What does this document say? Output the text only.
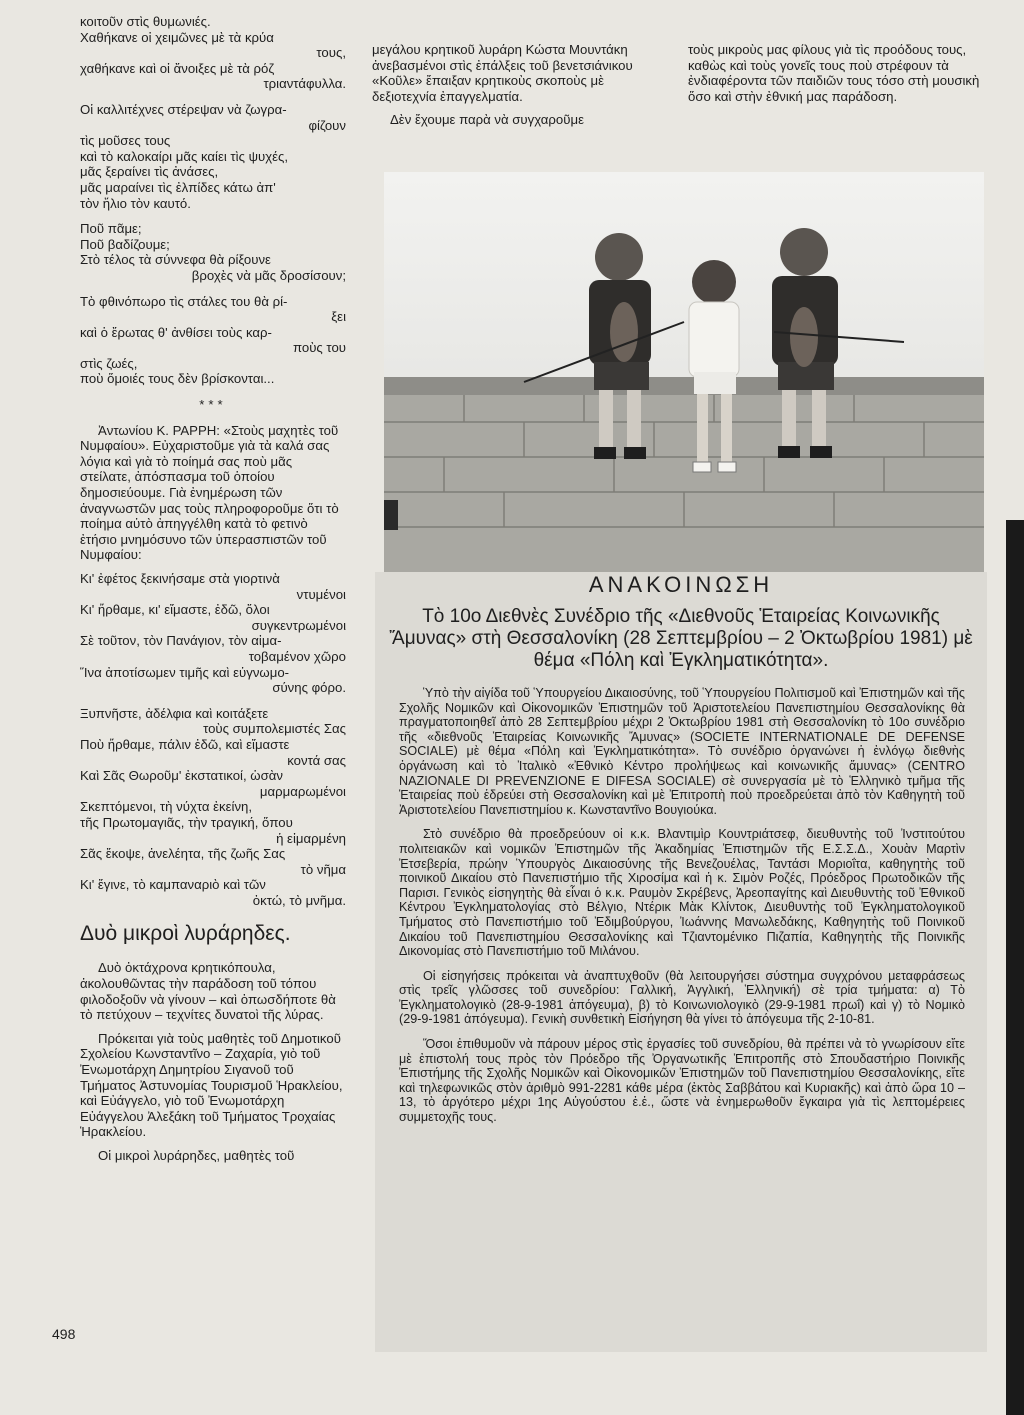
κοιτοῦν στὶς θυμωνιές.
Χαθήκανε οἱ χειμῶνες μὲ τὰ κρύα
τους,
χαθήκανε καὶ οἱ ἄνοιξες μὲ τὰ ρόζ
τριαντάφυλλα.
Οἱ καλλιτέχνες στέρεψαν νὰ ζωγρα-
φίζουν
τὶς μοῦσες τους
καὶ τὸ καλοκαίρι μᾶς καίει τὶς ψυχές,
μᾶς ξεραίνει τὶς ἀνάσες,
μᾶς μαραίνει τὶς ἐλπίδες κάτω ἀπ'
τὸν ἥλιο τὸν καυτό.
Ποῦ πᾶμε;
Ποῦ βαδίζουμε;
Στὸ τέλος τὰ σύννεφα θὰ ρίξουνε
βροχὲς νὰ μᾶς δροσίσουν;
Τὸ φθινόπωρο τὶς στάλες του θὰ ρί-
ξει
καὶ ὁ ἔρωτας θ' ἀνθίσει τοὺς καρ-
ποὺς του
στὶς ζωές,
ποὺ ὅμοιές τους δὲν βρίσκονται...
***

Ἀντωνίου Κ. ΡΑΡΡΗ: «Στοὺς μαχητὲς τοῦ Νυμφαίου». Εὐχαριστοῦμε γιὰ τὰ καλά σας λόγια καὶ γιὰ τὸ ποίημά σας ποὺ μᾶς στείλατε, ἀπόσπασμα τοῦ ὁποίου δημοσιεύουμε. Γιὰ ἐνημέρωση τῶν ἀναγνωστῶν μας τοὺς πληροφοροῦμε ὅτι τὸ ποίημα αὐτὸ ἀπηγγέλθη κατὰ τὸ φετινὸ ἐτήσιο μνημόσυνο τῶν ὑπερασπιστῶν τοῦ Νυμφαίου:

Κι' ἐφέτος ξεκινήσαμε στὰ γιορτινὰ
ντυμένοι
Κι' ἤρθαμε, κι' εἴμαστε, ἐδῶ, ὅλοι
συγκεντρωμένοι
Σὲ τοῦτον, τὸν Πανάγιον, τὸν αἱμα-
τοβαμένον χῶρο
Ἵνα ἀποτίσωμεν τιμῆς καὶ εὐγνωμο-
σύνης φόρο.
Ξυπνῆστε, ἀδέλφια καὶ κοιτάξετε
τοὺς συμπολεμιστές Σας
Ποὺ ἤρθαμε, πάλιν ἐδῶ, καὶ εἴμαστε
κοντά σας
Καὶ Σᾶς Θωροῦμ' ἐκστατικοί, ὡσὰν
μαρμαρωμένοι
Σκεπτόμενοι, τὴ νύχτα ἐκείνη,
τῆς Πρωτομαγιᾶς, τὴν τραγική, ὅπου
ἡ εἱμαρμένη
Σᾶς ἔκοψε, ἀνελέητα, τῆς ζωῆς Σας
τὸ νῆμα
Κι' ἔγινε, τὸ καμπαναριὸ καὶ τῶν
ὀκτώ, τὸ μνῆμα.
Δυὸ μικροὶ λυράρηδες.

Δυὸ ὀκτάχρονα κρητικόπουλα, ἀκολουθῶντας τὴν παράδοση τοῦ τόπου φιλοδοξοῦν νὰ γίνουν – καὶ ὁπωσδήποτε θὰ τὸ πετύχουν – τεχνίτες δυνατοὶ τῆς λύρας.

Πρόκειται γιὰ τοὺς μαθητὲς τοῦ Δημοτικοῦ Σχολείου Κωνσταντῖνο – Ζαχαρία, γιὸ τοῦ Ἐνωμοτάρχη Δημητρίου Σιγανοῦ τοῦ Τμήματος Ἀστυνομίας Τουρισμοῦ Ἡρακλείου, καὶ Εὐάγγελο, γιὸ τοῦ Ἐνωμοτάρχη Εὐάγγελου Ἀλεξάκη τοῦ Τμήματος Τροχαίας Ἡρακλείου.

Οἱ μικροὶ λυράρηδες, μαθητὲς τοῦ

μεγάλου κρητικοῦ λυράρη Κώστα Μουντάκη ἀνεβασμένοι στὶς ἐπάλξεις τοῦ βενετσιάνικου «Κοῦλε» ἔπαιξαν κρητικοὺς σκοποὺς μὲ δεξιοτεχνία ἐπαγγελματία.

Δὲν ἔχουμε παρὰ νὰ συγχαροῦμε

τοὺς μικροὺς μας φίλους γιὰ τὶς προόδους τους, καθὼς καὶ τοὺς γονεῖς τους ποὺ στρέφουν τὰ ἐνδιαφέροντα τῶν παιδιῶν τους τόσο στὴ μουσικὴ ὅσο καὶ στὴν ἐθνική μας παράδοση.

ΑΝΑΚΟΙΝΩΣΗ
Τὸ 10ο Διεθνὲς Συνέδριο τῆς «Διεθνοῦς Ἑταιρείας Κοινωνικῆς Ἄμυνας» στὴ Θεσσαλονίκη (28 Σεπτεμβρίου – 2 Ὀκτωβρίου 1981) μὲ θέμα «Πόλη καὶ Ἐγκληματικότητα».

Ὑπὸ τὴν αἰγίδα τοῦ Ὑπουργείου Δικαιοσύνης, τοῦ Ὑπουργείου Πολιτισμοῦ καὶ Ἐπιστημῶν καὶ τῆς Σχολῆς Νομικῶν καὶ Οἰκονομικῶν Ἐπιστημῶν τοῦ Ἀριστοτελείου Πανεπιστημίου Θεσσαλονίκης θὰ πραγματοποιηθεῖ ἀπὸ 28 Σεπτεμβρίου μέχρι 2 Ὀκτωβρίου 1981 στὴ Θεσσαλονίκη τὸ 10ο συνέδριο τῆς «διεθνοῦς Ἑταιρείας Κοινωνικῆς Ἄμυνας» (SOCIETE INTERNATIONALE DE DEFENSE SOCIALE) μὲ θέμα «Πόλη καὶ Ἐγκληματικότητα». Τὸ συνέδριο ὀργανώνει ἡ ἐνλόγῳ διεθνὴς ὀργάνωση καὶ τὸ Ἰταλικὸ «Ἐθνικὸ Κέντρο προλήψεως καὶ κοινωνικῆς ἄμυνας» (CENTRO NAZIONALE DI PREVENZIONE E DIFESA SOCIALE) σὲ συνεργασία μὲ τὸ Ἑλληνικὸ τμῆμα τῆς Ἑταιρείας ποὺ ἑδρεύει στὴ Θεσσαλονίκη καὶ μὲ Ἐπιτροπὴ ποὺ προεδρεύεται ἀπὸ τὸν Καθηγητὴ τοῦ Ἀριστοτελείου Πανεπιστημίου κ. Κωνσταντῖνο Βουγιούκα.

Στὸ συνέδριο θὰ προεδρεύουν οἱ κ.κ. Βλαντιμὶρ Κουντριάτσεφ, διευθυντὴς τοῦ Ἰνστιτούτου πολιτειακῶν καὶ νομικῶν Ἐπιστημῶν τῆς Ἀκαδημίας Ἐπιστημῶν τῆς Ε.Σ.Σ.Δ., Χουὰν Μαρτὶν Ἐτσεβερία, πρώην Ὑπουργὸς Δικαιοσύνης τῆς Βενεζουέλας, Ταντάσι Μοριοΐτα, καθηγητὴς τοῦ ποινικοῦ Δικαίου στὸ Πανεπιστήμιο τῆς Χιροσίμα καὶ ἡ κ. Σιμὸν Ροζές, Πρόεδρος Πρωτοδικῶν τῆς Παρισι. Γενικὸς εἰσηγητὴς θὰ εἶναι ὁ κ.κ. Ραυμὸν Σκρέβενς, Ἀρεοπαγίτης καὶ Διευθυντὴς τοῦ Ἐθνικοῦ Κέντρου Ἐγκληματολογίας στὸ Βέλγιο, Ντέρικ Μὰκ Κλίντοκ, Διευθυντὴς τοῦ Ἐγκληματολογικοῦ Τμήματος στὸ Πανεπιστήμιο τοῦ Ἐδιμβούργου, Ἰωάννης Μανωλεδάκης, Καθηγητὴς τοῦ Ποινικοῦ Δικαίου τοῦ Πανεπιστημίου Θεσσαλονίκης καὶ Τζιαντομένικο Πιζαπία, Καθηγητὴς τῆς Ποινικῆς Δικονομίας στὸ Πανεπιστήμιο τοῦ Μιλάνου.

Οἱ εἰσηγήσεις πρόκειται νὰ ἀναπτυχθοῦν (θὰ λειτουργήσει σύστημα συγχρόνου μεταφράσεως στὶς τρεῖς γλῶσσες τοῦ συνεδρίου: Γαλλική, Ἀγγλική, Ἑλληνική) σὲ τρία τμήματα: α) Τὸ Ἐγκληματολογικὸ (28-9-1981 ἀπόγευμα), β) τὸ Κοινωνιολογικὸ (29-9-1981 πρωΐ) καὶ γ) τὸ Νομικὸ (29-9-1981 ἀπόγευμα). Γενικὴ συνθετικὴ Εἰσήγηση θὰ γίνει τὸ ἀπόγευμα τῆς 2-10-81.

Ὅσοι ἐπιθυμοῦν νὰ πάρουν μέρος στὶς ἐργασίες τοῦ συνεδρίου, θὰ πρέπει νὰ τὸ γνωρίσουν εἴτε μὲ ἐπιστολή τους πρὸς τὸν Πρόεδρο τῆς Ὀργανωτικῆς Ἐπιτροπῆς στὸ Σπουδαστήριο Ποινικῆς Ἐπιστήμης τῆς Σχολῆς Νομικῶν καὶ Οἰκονομικῶν Ἐπιστημῶν τοῦ Πανεπιστημίου Θεσσαλονίκης, εἴτε καὶ τηλεφωνικῶς στὸν ἀριθμὸ 991-2281 κάθε μέρα (ἐκτὸς Σαββάτου καὶ Κυριακῆς) καὶ ἀπὸ ὥρα 10 – 13, τὸ ἀργότερο μέχρι 1ης Αὐγούστου ἐ.ἐ., ὥστε νὰ ἐνημερωθοῦν ἔγκαιρα γιὰ τὶς λεπτομέρειες συμμετοχῆς τους.

498
